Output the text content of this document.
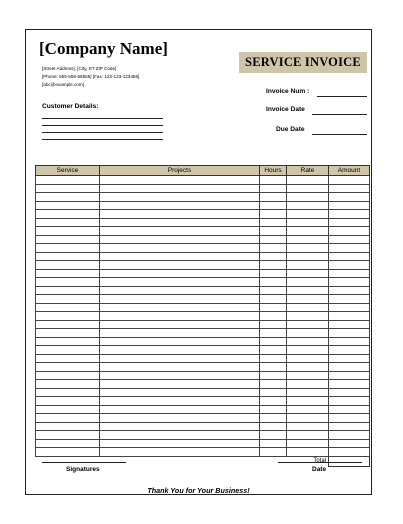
[Company Name]
[Street Address], [City, ST ZIP Code]
[Phone: 555-555-55555] [Fax: 123-123-123456]
[abc@example.com]
SERVICE INVOICE
Invoice Num :
Invoice Date
Due Date
Customer Details:
Service	Projects	Hours	Rate	Amount

Total				
Signatures	Date
Thank You for Your Business!
